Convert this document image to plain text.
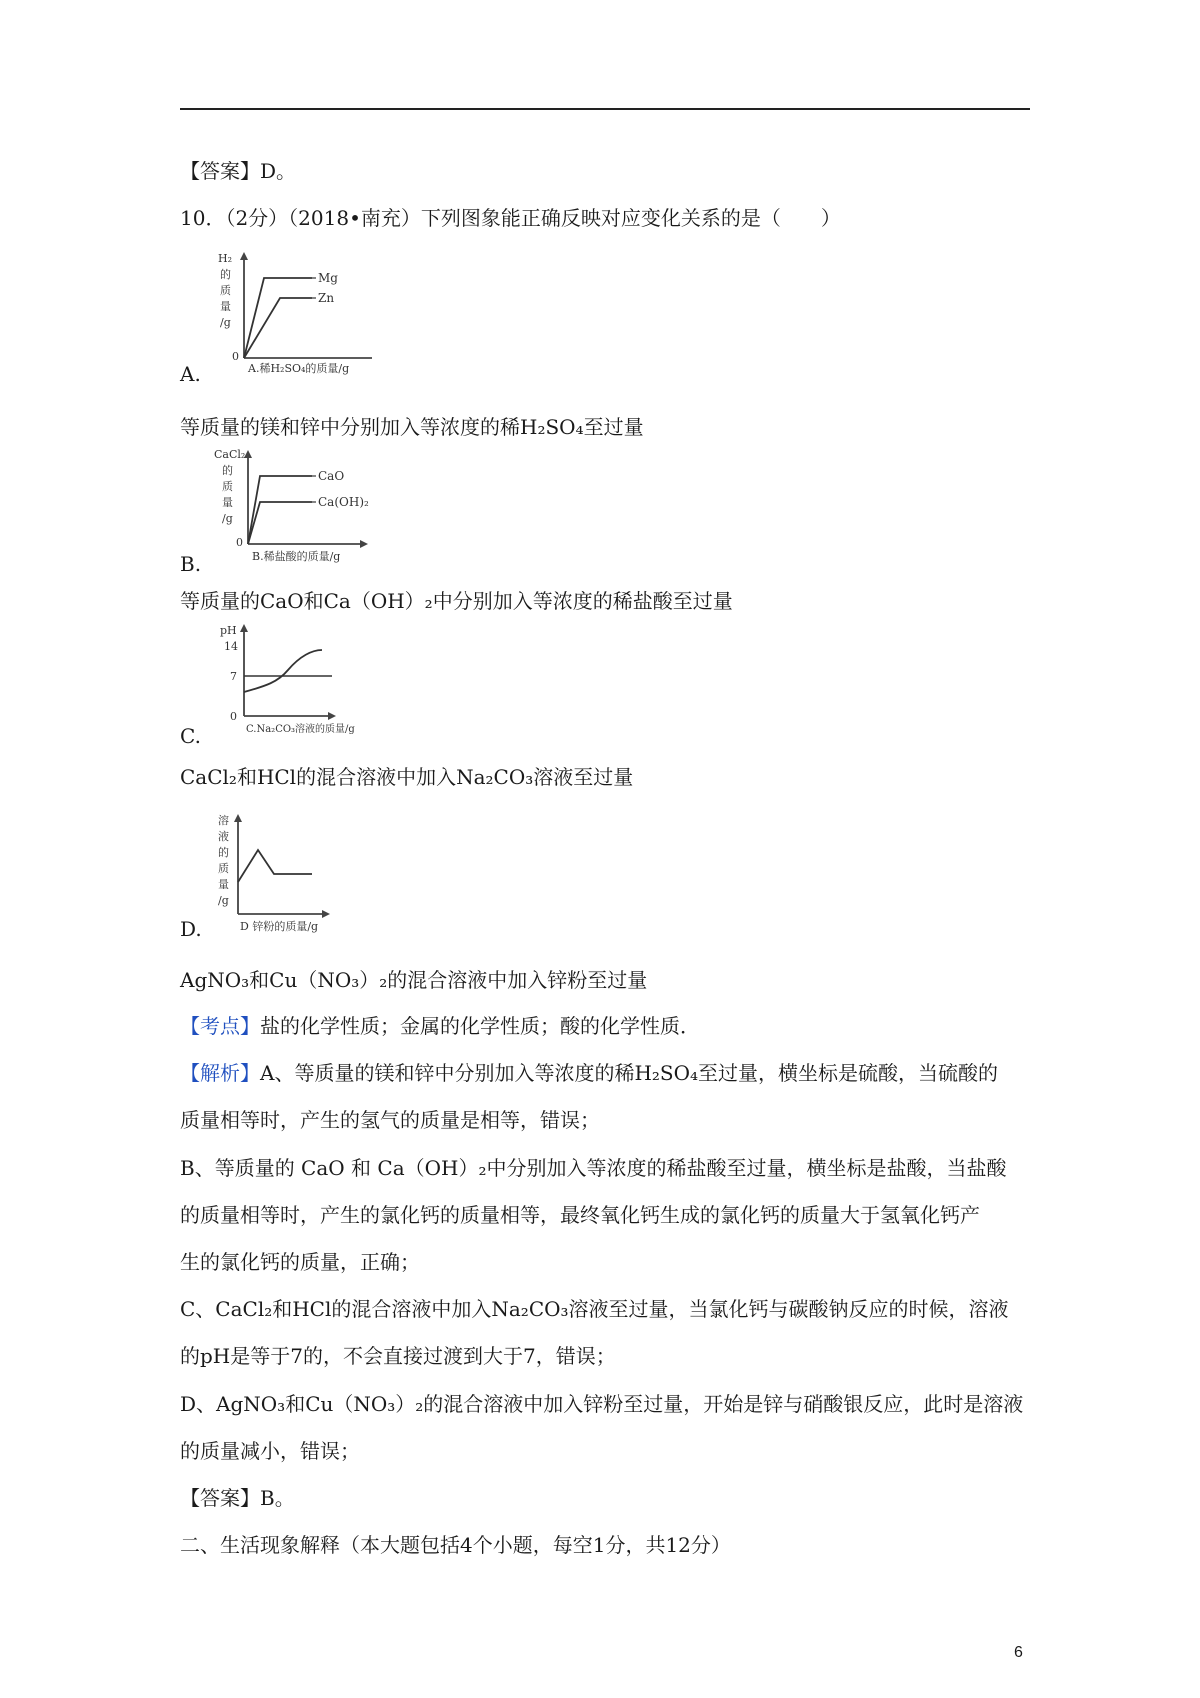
【答案】D。
10．（2分）（2018•南充）下列图象能正确反映对应变化关系的是（　　）
Mg
Zn
H₂
的
质
量
/g
0
A.稀H₂SO₄的质量/g
A.
等质量的镁和锌中分别加入等浓度的稀H₂SO₄至过量
CaO
Ca(OH)₂
CaCl₂
的
质
量
/g
0
B.稀盐酸的质量/g
B.
等质量的CaO和Ca（OH）₂中分别加入等浓度的稀盐酸至过量
pH
14
7
0
C.Na₂CO₃溶液的质量/g
C.
CaCl₂和HCl的混合溶液中加入Na₂CO₃溶液至过量
溶
液
的
质
量
/g
D 锌粉的质量/g
D.
AgNO₃和Cu（NO₃）₂的混合溶液中加入锌粉至过量
【考点】盐的化学性质；金属的化学性质；酸的化学性质．
【解析】A、等质量的镁和锌中分别加入等浓度的稀H₂SO₄至过量，横坐标是硫酸，当硫酸的
质量相等时，产生的氢气的质量是相等，错误；
B、等质量的 CaO 和 Ca（OH）₂中分别加入等浓度的稀盐酸至过量，横坐标是盐酸，当盐酸
的质量相等时，产生的氯化钙的质量相等，最终氧化钙生成的氯化钙的质量大于氢氧化钙产
生的氯化钙的质量，正确；
C、CaCl₂和HCl的混合溶液中加入Na₂CO₃溶液至过量，当氯化钙与碳酸钠反应的时候，溶液
的pH是等于7的，不会直接过渡到大于7，错误；
D、AgNO₃和Cu（NO₃）₂的混合溶液中加入锌粉至过量，开始是锌与硝酸银反应，此时是溶液
的质量减小，错误；
【答案】B。
二、生活现象解释（本大题包括4个小题，每空1分，共12分）
6
